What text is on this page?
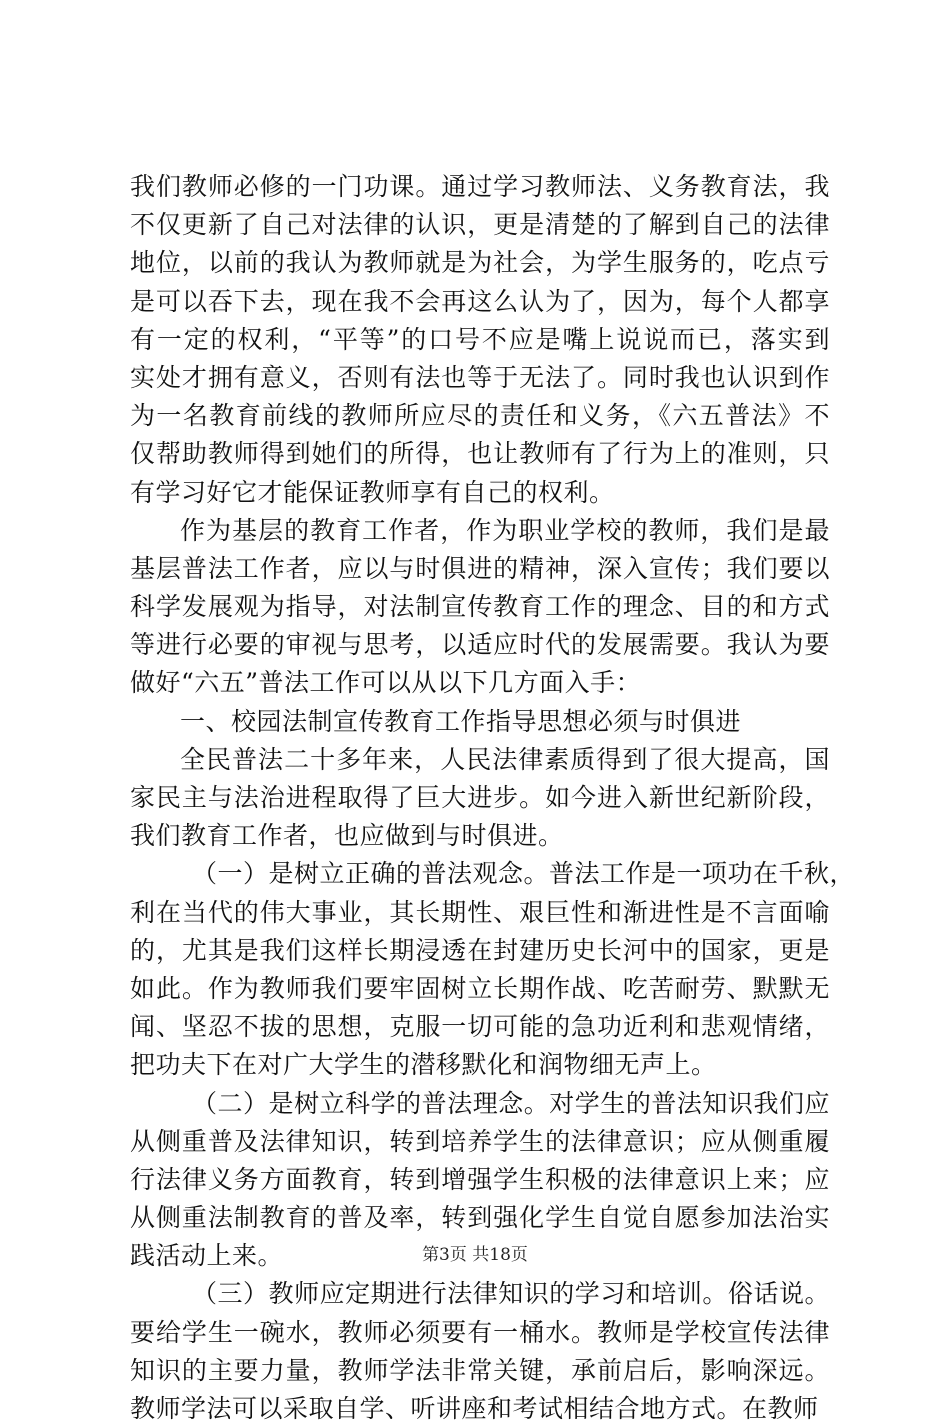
我们教师必修的一门功课。通过学习教师法、义务教育法，我
不仅更新了自己对法律的认识，更是清楚的了解到自己的法律
地位，以前的我认为教师就是为社会，为学生服务的，吃点亏
是可以吞下去，现在我不会再这么认为了，因为，每个人都享
有一定的权利，“平等”的口号不应是嘴上说说而已，落实到
实处才拥有意义，否则有法也等于无法了。同时我也认识到作
为一名教育前线的教师所应尽的责任和义务，《六五普法》不
仅帮助教师得到她们的所得，也让教师有了行为上的准则，只
有学习好它才能保证教师享有自己的权利。
作为基层的教育工作者，作为职业学校的教师，我们是最
基层普法工作者，应以与时俱进的精神，深入宣传；我们要以
科学发展观为指导，对法制宣传教育工作的理念、目的和方式
等进行必要的审视与思考，以适应时代的发展需要。我认为要
做好“六五”普法工作可以从以下几方面入手：
一、校园法制宣传教育工作指导思想必须与时俱进
全民普法二十多年来，人民法律素质得到了很大提高，国
家民主与法治进程取得了巨大进步。如今进入新世纪新阶段，
我们教育工作者，也应做到与时俱进。
（一）是树立正确的普法观念。普法工作是一项功在千秋，
利在当代的伟大事业，其长期性、艰巨性和渐进性是不言面喻
的，尤其是我们这样长期浸透在封建历史长河中的国家，更是
如此。作为教师我们要牢固树立长期作战、吃苦耐劳、默默无
闻、坚忍不拔的思想，克服一切可能的急功近利和悲观情绪，
把功夫下在对广大学生的潜移默化和润物细无声上。
（二）是树立科学的普法理念。对学生的普法知识我们应
从侧重普及法律知识，转到培养学生的法律意识；应从侧重履
行法律义务方面教育，转到增强学生积极的法律意识上来；应
从侧重法制教育的普及率，转到强化学生自觉自愿参加法治实
践活动上来。
（三）教师应定期进行法律知识的学习和培训。俗话说。
要给学生一碗水，教师必须要有一桶水。教师是学校宣传法律
知识的主要力量，教师学法非常关键，承前启后，影响深远。
教师学法可以采取自学、听讲座和考试相结合地方式。在教师
第3页 共18页
